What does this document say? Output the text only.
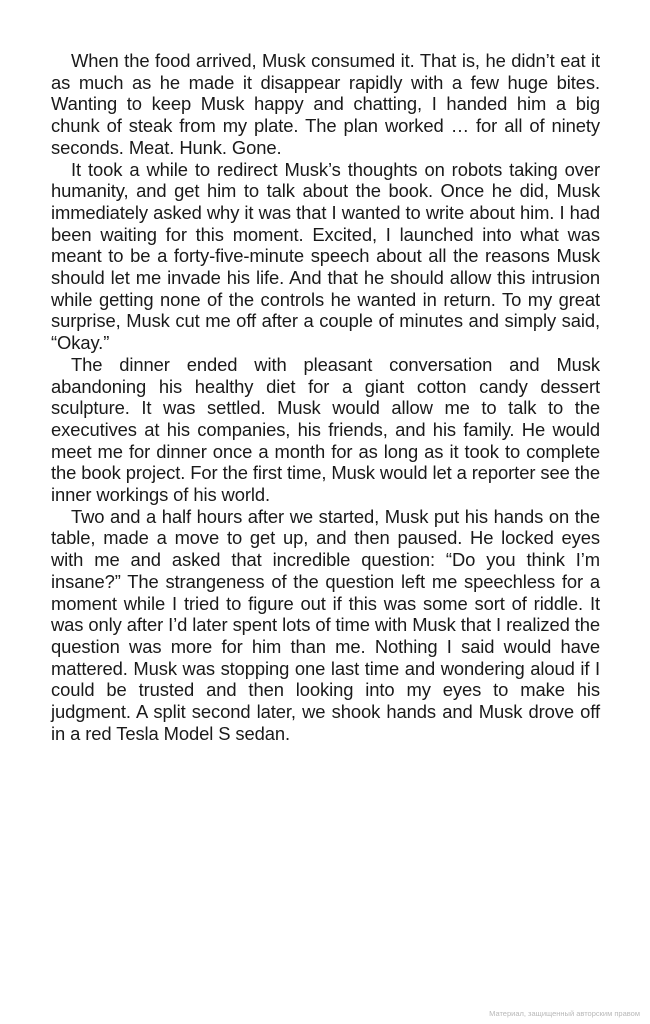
When the food arrived, Musk consumed it. That is, he didn’t eat it as much as he made it disappear rapidly with a few huge bites. Wanting to keep Musk happy and chatting, I handed him a big chunk of steak from my plate. The plan worked … for all of ninety seconds. Meat. Hunk. Gone.

It took a while to redirect Musk’s thoughts on robots taking over humanity, and get him to talk about the book. Once he did, Musk immediately asked why it was that I wanted to write about him. I had been waiting for this moment. Excited, I launched into what was meant to be a forty-five-minute speech about all the reasons Musk should let me invade his life. And that he should allow this intrusion while getting none of the controls he wanted in return. To my great surprise, Musk cut me off after a couple of minutes and simply said, “Okay.”

The dinner ended with pleasant conversation and Musk abandoning his healthy diet for a giant cotton candy dessert sculpture. It was settled. Musk would allow me to talk to the executives at his companies, his friends, and his family. He would meet me for dinner once a month for as long as it took to complete the book project. For the first time, Musk would let a reporter see the inner workings of his world.

Two and a half hours after we started, Musk put his hands on the table, made a move to get up, and then paused. He locked eyes with me and asked that incredible question: “Do you think I’m insane?” The strangeness of the question left me speechless for a moment while I tried to figure out if this was some sort of riddle. It was only after I’d later spent lots of time with Musk that I realized the question was more for him than me. Nothing I said would have mattered. Musk was stopping one last time and wondering aloud if I could be trusted and then looking into my eyes to make his judgment. A split second later, we shook hands and Musk drove off in a red Tesla Model S sedan.

Материал, защищенный авторским правом
